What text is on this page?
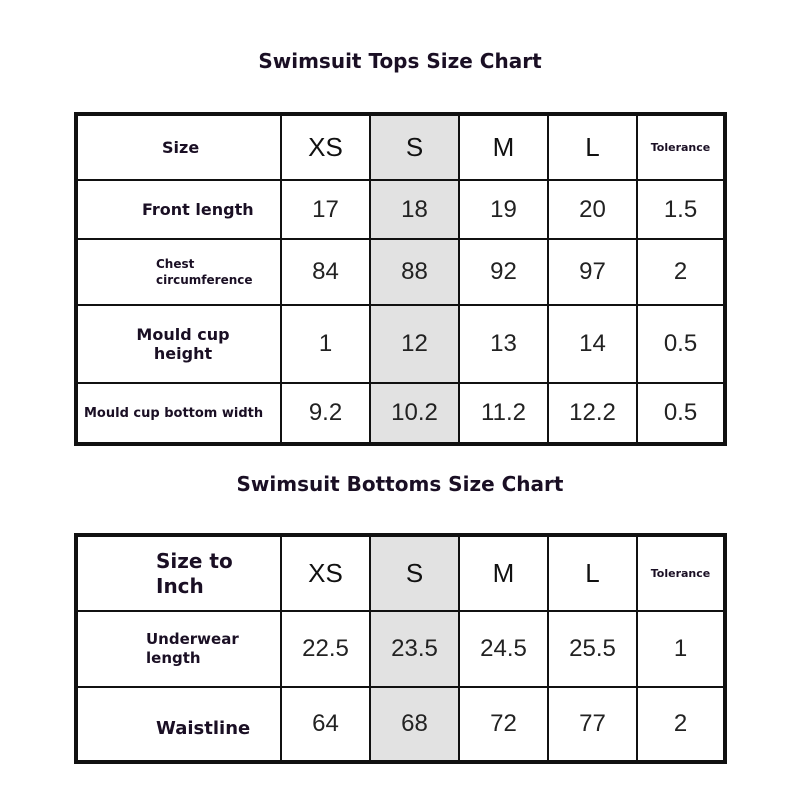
Swimsuit Tops Size Chart
Size	XS	S	M	L	Tolerance
Front length	17	18	19	20	1.5
Chest
circumference	84	88	92	97	2
Mould cup
height	1	12	13	14	0.5
Mould cup bottom width	9.2	10.2	11.2	12.2	0.5
Swimsuit Bottoms Size Chart
Size to
Inch	XS	S	M	L	Tolerance
Underwear
length	22.5	23.5	24.5	25.5	1
Waistline	64	68	72	77	2
